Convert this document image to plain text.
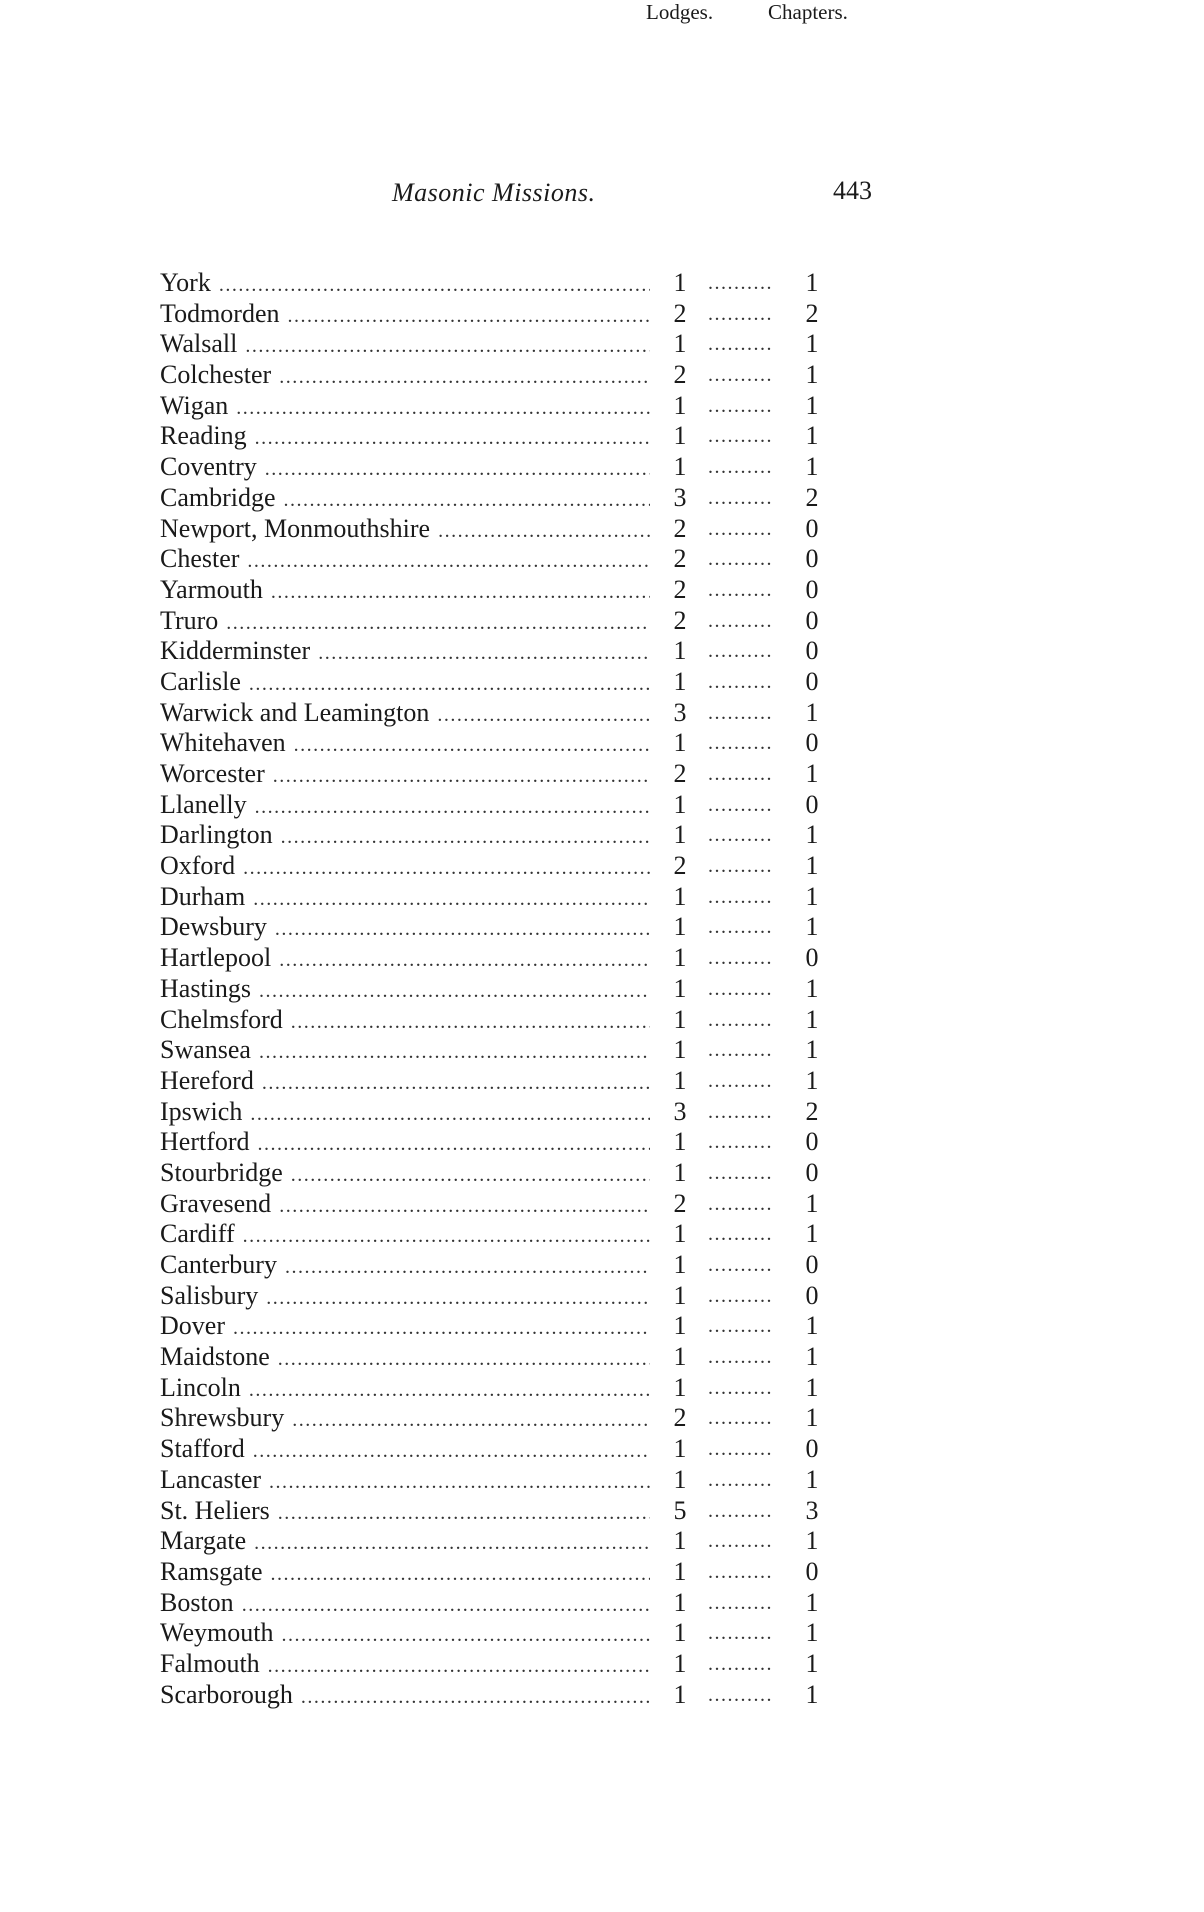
Masonic Missions.	443
Lodges.	Chapters.
York .....	1 .....	1
Todmorden .....	2 .....	2
Walsall .....	1 .....	1
Colchester .....	2 .....	1
Wigan .....	1 .....	1
Reading .....	1 .....	1
Coventry .....	1 .....	1
Cambridge .....	3 .....	2
Newport, Monmouthshire .....	2 .....	0
Chester .....	2 .....	0
Yarmouth .....	2 .....	0
Truro .....	2 .....	0
Kidderminster .....	1 .....	0
Carlisle .....	1 .....	0
Warwick and Leamington .....	3 .....	1
Whitehaven .....	1 .....	0
Worcester .....	2 .....	1
Llanelly .....	1 .....	0
Darlington .....	1 .....	1
Oxford .....	2 .....	1
Durham .....	1 .....	1
Dewsbury .....	1 .....	1
Hartlepool .....	1 .....	0
Hastings .....	1 .....	1
Chelmsford .....	1 .....	1
Swansea .....	1 .....	1
Hereford .....	1 .....	1
Ipswich .....	3 .....	2
Hertford .....	1 .....	0
Stourbridge .....	1 .....	0
Gravesend .....	2 .....	1
Cardiff .....	1 .....	1
Canterbury .....	1 .....	0
Salisbury .....	1 .....	0
Dover .....	1 .....	1
Maidstone .....	1 .....	1
Lincoln .....	1 .....	1
Shrewsbury .....	2 .....	1
Stafford .....	1 .....	0
Lancaster .....	1 .....	1
St. Heliers .....	5 .....	3
Margate .....	1 .....	1
Ramsgate .....	1 .....	0
Boston .....	1 .....	1
Weymouth .....	1 .....	1
Falmouth .....	1 .....	1
Scarborough .....	1 .....	1
